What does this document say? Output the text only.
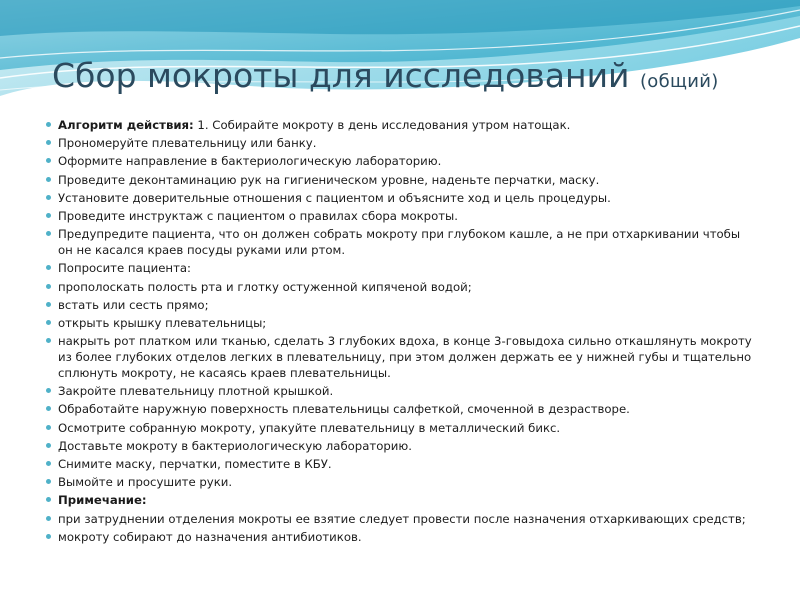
Сбор мокроты для исследований (общий)
Алгоритм действия: 1. Собирайте мокроту в день исследования утром натощак.
Прономеруйте плевательницу или банку.
Оформите направление в бактериологическую лабораторию.
Проведите деконтаминацию рук на гигиеническом уровне, наденьте перчатки, маску.
Установите доверительные отношения с пациентом и объясните ход и цель процедуры.
Проведите инструктаж с пациентом о правилах сбора мокроты.
Предупредите пациента, что он должен собрать мокроту при глубоком кашле, а не при отхаркивании чтобы он не касался краев посуды руками или ртом.
Попросите пациента:
прополоскать полость рта и глотку остуженной кипяченой водой;
встать или сесть прямо;
открыть крышку плевательницы;
накрыть рот платком или тканью, сделать 3 глубоких вдоха, в конце 3-говыдоха сильно откашлянуть мокроту из более глубоких отделов легких в плевательницу, при этом должен держать ее у нижней губы и тщательно сплюнуть мокроту, не касаясь краев плевательницы.
Закройте плевательницу плотной крышкой.
Обработайте наружную поверхность плевательницы салфеткой, смоченной в дезрастворе.
Осмотрите собранную мокроту, упакуйте плевательницу в металлический бикс.
Доставьте мокроту в бактериологическую лабораторию.
Снимите маску, перчатки, поместите в КБУ.
Вымойте и просушите руки.
Примечание:
при затруднении отделения мокроты ее взятие следует провести после назначения отхаркивающих средств;
мокроту собирают до назначения антибиотиков.
